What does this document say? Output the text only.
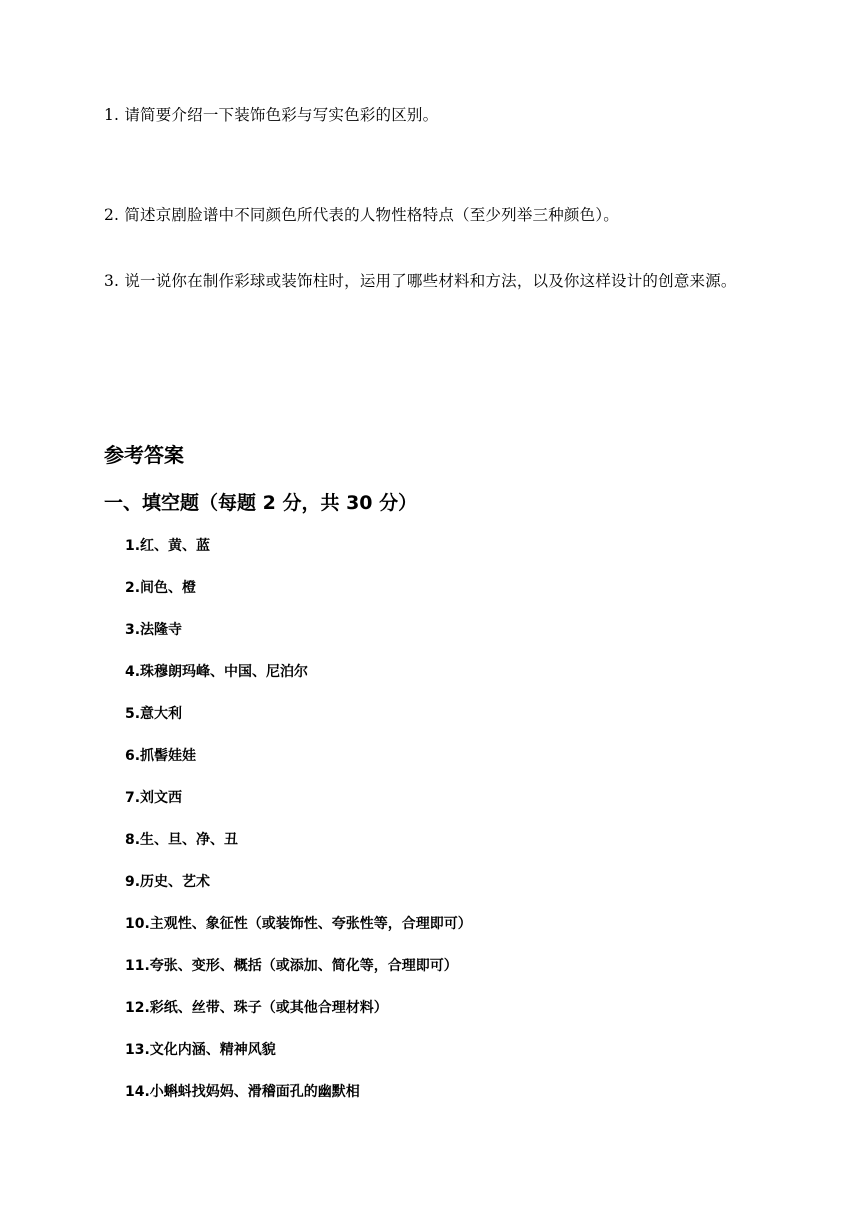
1. 请简要介绍一下装饰色彩与写实色彩的区别。
2. 简述京剧脸谱中不同颜色所代表的人物性格特点（至少列举三种颜色）。
3. 说一说你在制作彩球或装饰柱时，运用了哪些材料和方法，以及你这样设计的创意来源。
参考答案
一、填空题（每题 2 分，共 30 分）
1.红、黄、蓝
2.间色、橙
3.法隆寺
4.珠穆朗玛峰、中国、尼泊尔
5.意大利
6.抓髻娃娃
7.刘文西
8.生、旦、净、丑
9.历史、艺术
10.主观性、象征性（或装饰性、夸张性等，合理即可）
11.夸张、变形、概括（或添加、简化等，合理即可）
12.彩纸、丝带、珠子（或其他合理材料）
13.文化内涵、精神风貌
14.小蝌蚪找妈妈、滑稽面孔的幽默相
